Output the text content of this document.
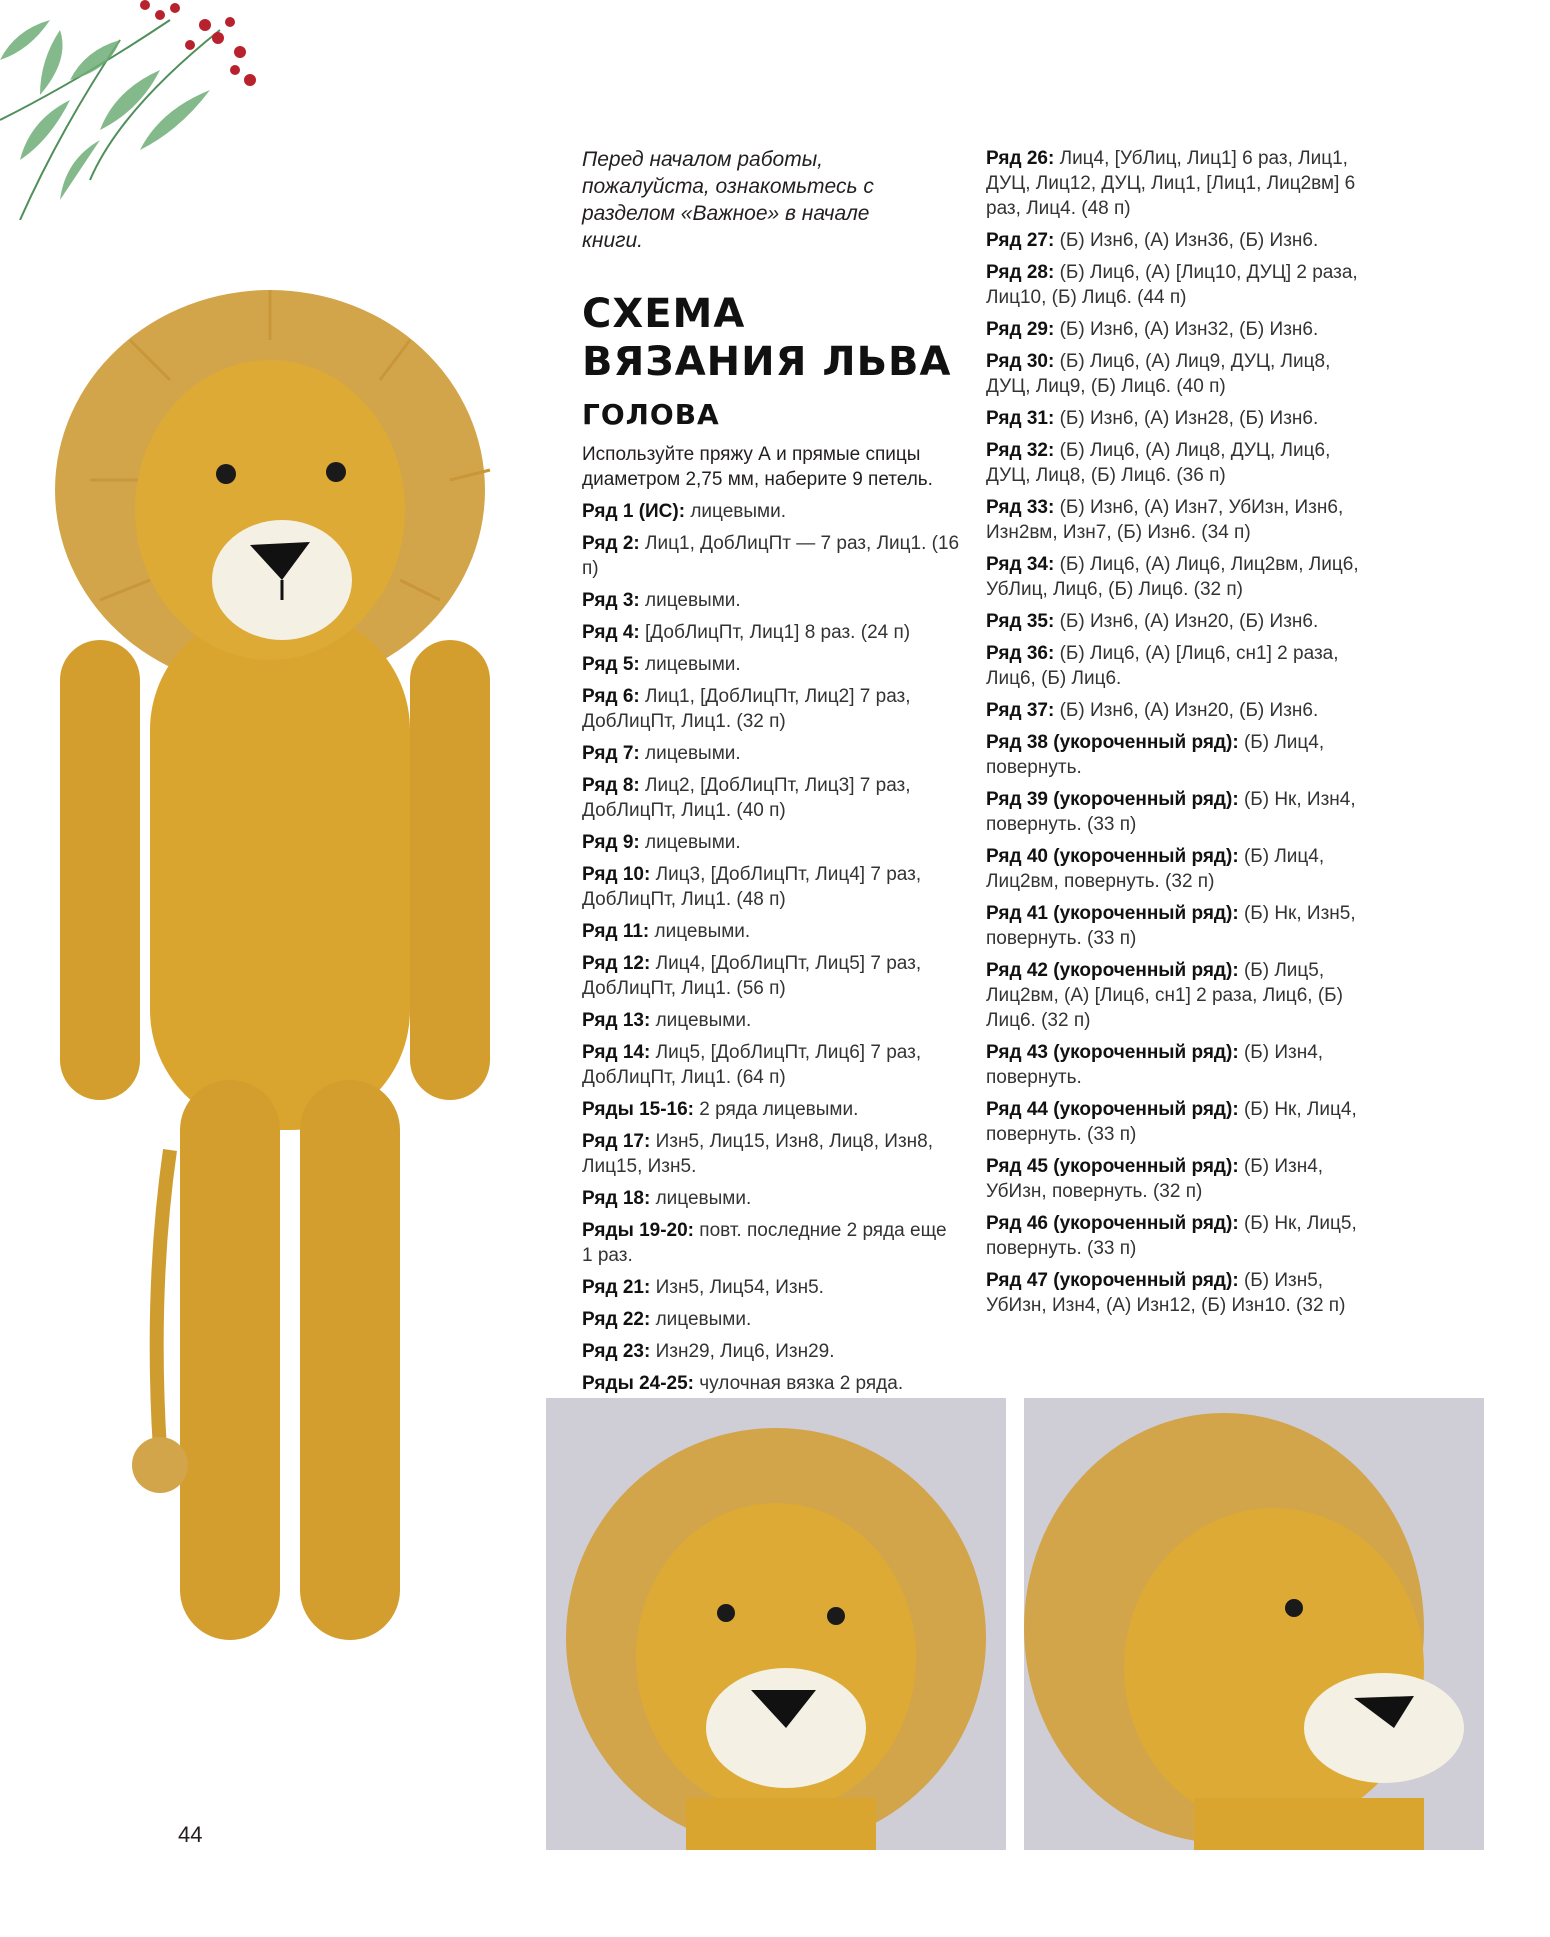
Перед началом работы, пожалуйста, ознакомьтесь с разделом «Важное» в начале книги.
СХЕМА ВЯЗАНИЯ ЛЬВА
ГОЛОВА

Используйте пряжу А и прямые спицы диаметром 2,75 мм, наберите 9 петель.

Ряд 1 (ИС): лицевыми.

Ряд 2: Лиц1, ДобЛицПт — 7 раз, Лиц1. (16 п)

Ряд 3: лицевыми.

Ряд 4: [ДобЛицПт, Лиц1] 8 раз. (24 п)

Ряд 5: лицевыми.

Ряд 6: Лиц1, [ДобЛицПт, Лиц2] 7 раз, ДобЛицПт, Лиц1. (32 п)

Ряд 7: лицевыми.

Ряд 8: Лиц2, [ДобЛицПт, Лиц3] 7 раз, ДобЛицПт, Лиц1. (40 п)

Ряд 9: лицевыми.

Ряд 10: Лиц3, [ДобЛицПт, Лиц4] 7 раз, ДобЛицПт, Лиц1. (48 п)

Ряд 11: лицевыми.

Ряд 12: Лиц4, [ДобЛицПт, Лиц5] 7 раз, ДобЛицПт, Лиц1. (56 п)

Ряд 13: лицевыми.

Ряд 14: Лиц5, [ДобЛицПт, Лиц6] 7 раз, ДобЛицПт, Лиц1. (64 п)

Ряды 15-16: 2 ряда лицевыми.

Ряд 17: Изн5, Лиц15, Изн8, Лиц8, Изн8, Лиц15, Изн5.

Ряд 18: лицевыми.

Ряды 19-20: повт. последние 2 ряда еще 1 раз.

Ряд 21: Изн5, Лиц54, Изн5.

Ряд 22: лицевыми.

Ряд 23: Изн29, Лиц6, Изн29.

Ряды 24-25: чулочная вязка 2 ряда.

Ряд 26: Лиц4, [УбЛиц, Лиц1] 6 раз, Лиц1, ДУЦ, Лиц12, ДУЦ, Лиц1, [Лиц1, Лиц2вм] 6 раз, Лиц4. (48 п)

Ряд 27: (Б) Изн6, (А) Изн36, (Б) Изн6.

Ряд 28: (Б) Лиц6, (А) [Лиц10, ДУЦ] 2 раза, Лиц10, (Б) Лиц6. (44 п)

Ряд 29: (Б) Изн6, (А) Изн32, (Б) Изн6.

Ряд 30: (Б) Лиц6, (А) Лиц9, ДУЦ, Лиц8, ДУЦ, Лиц9, (Б) Лиц6. (40 п)

Ряд 31: (Б) Изн6, (А) Изн28, (Б) Изн6.

Ряд 32: (Б) Лиц6, (А) Лиц8, ДУЦ, Лиц6, ДУЦ, Лиц8, (Б) Лиц6. (36 п)

Ряд 33: (Б) Изн6, (А) Изн7, УбИзн, Изн6, Изн2вм, Изн7, (Б) Изн6. (34 п)

Ряд 34: (Б) Лиц6, (А) Лиц6, Лиц2вм, Лиц6, УбЛиц, Лиц6, (Б) Лиц6. (32 п)

Ряд 35: (Б) Изн6, (А) Изн20, (Б) Изн6.

Ряд 36: (Б) Лиц6, (А) [Лиц6, сн1] 2 раза, Лиц6, (Б) Лиц6.

Ряд 37: (Б) Изн6, (А) Изн20, (Б) Изн6.

Ряд 38 (укороченный ряд): (Б) Лиц4, повернуть.

Ряд 39 (укороченный ряд): (Б) Нк, Изн4, повернуть. (33 п)

Ряд 40 (укороченный ряд): (Б) Лиц4, Лиц2вм, повернуть. (32 п)

Ряд 41 (укороченный ряд): (Б) Нк, Изн5, повернуть. (33 п)

Ряд 42 (укороченный ряд): (Б) Лиц5, Лиц2вм, (А) [Лиц6, сн1] 2 раза, Лиц6, (Б) Лиц6. (32 п)

Ряд 43 (укороченный ряд): (Б) Изн4, повернуть.

Ряд 44 (укороченный ряд): (Б) Нк, Лиц4, повернуть. (33 п)

Ряд 45 (укороченный ряд): (Б) Изн4, УбИзн, повернуть. (32 п)

Ряд 46 (укороченный ряд): (Б) Нк, Лиц5, повернуть. (33 п)

Ряд 47 (укороченный ряд): (Б) Изн5, УбИзн, Изн4, (А) Изн12, (Б) Изн10. (32 п)

44
